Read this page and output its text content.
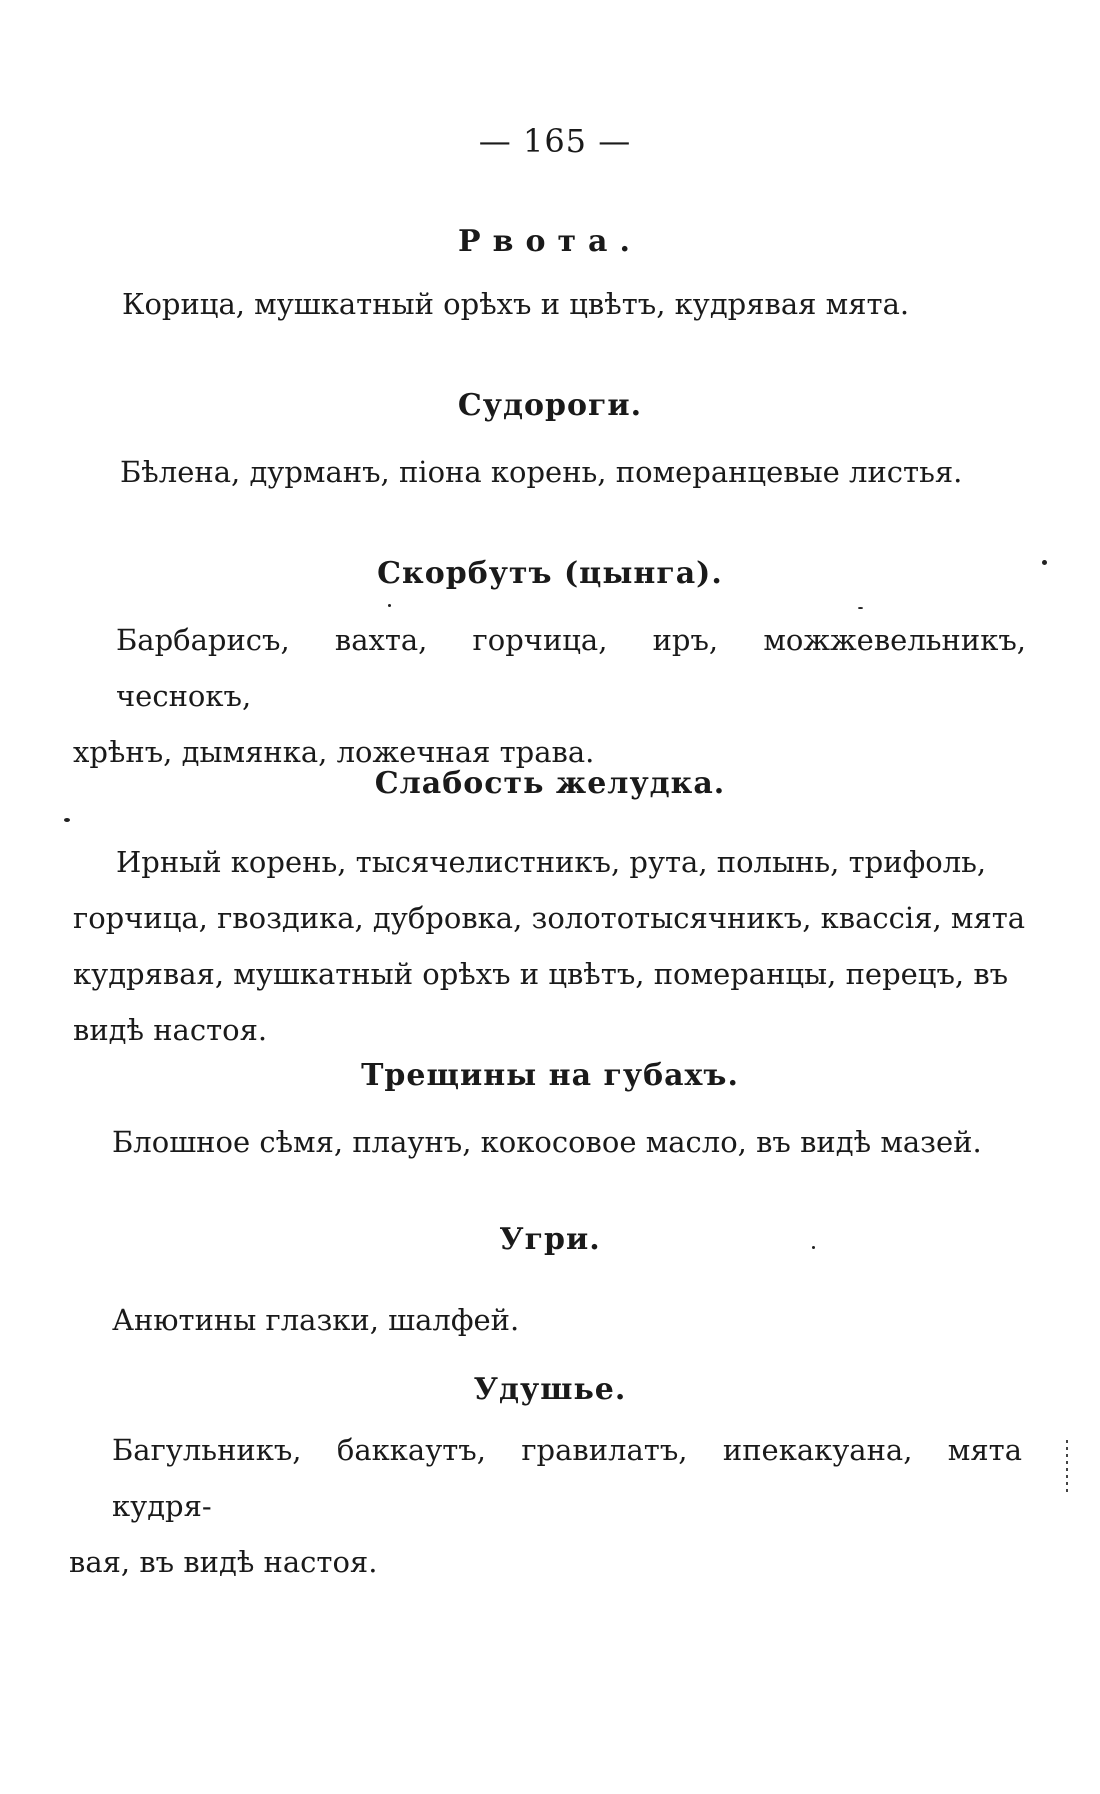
— 165 —
Рвота.
Корица, мушкатный орѣхъ и цвѣтъ, кудрявая мята.
Судороги.
Бѣлена, дурманъ, піона корень, померанцевые листья.
Скорбутъ (цынга).
Барбарисъ, вахта, горчица, иръ, можжевельникъ, чеснокъ,
хрѣнъ, дымянка, ложечная трава.
Слабость желудка.
Ирный корень, тысячелистникъ, рута, полынь, трифоль,
горчица, гвоздика, дубровка, золототысячникъ, квассія, мята
кудрявая, мушкатный орѣхъ и цвѣтъ, померанцы, перецъ, въ
видѣ настоя.
Трещины на губахъ.
Блошное сѣмя, плаунъ, кокосовое масло, въ видѣ мазей.
Угри.
Анютины глазки, шалфей.
Удушье.
Багульникъ, баккаутъ, гравилатъ, ипекакуана, мята кудря-
вая, въ видѣ настоя.
